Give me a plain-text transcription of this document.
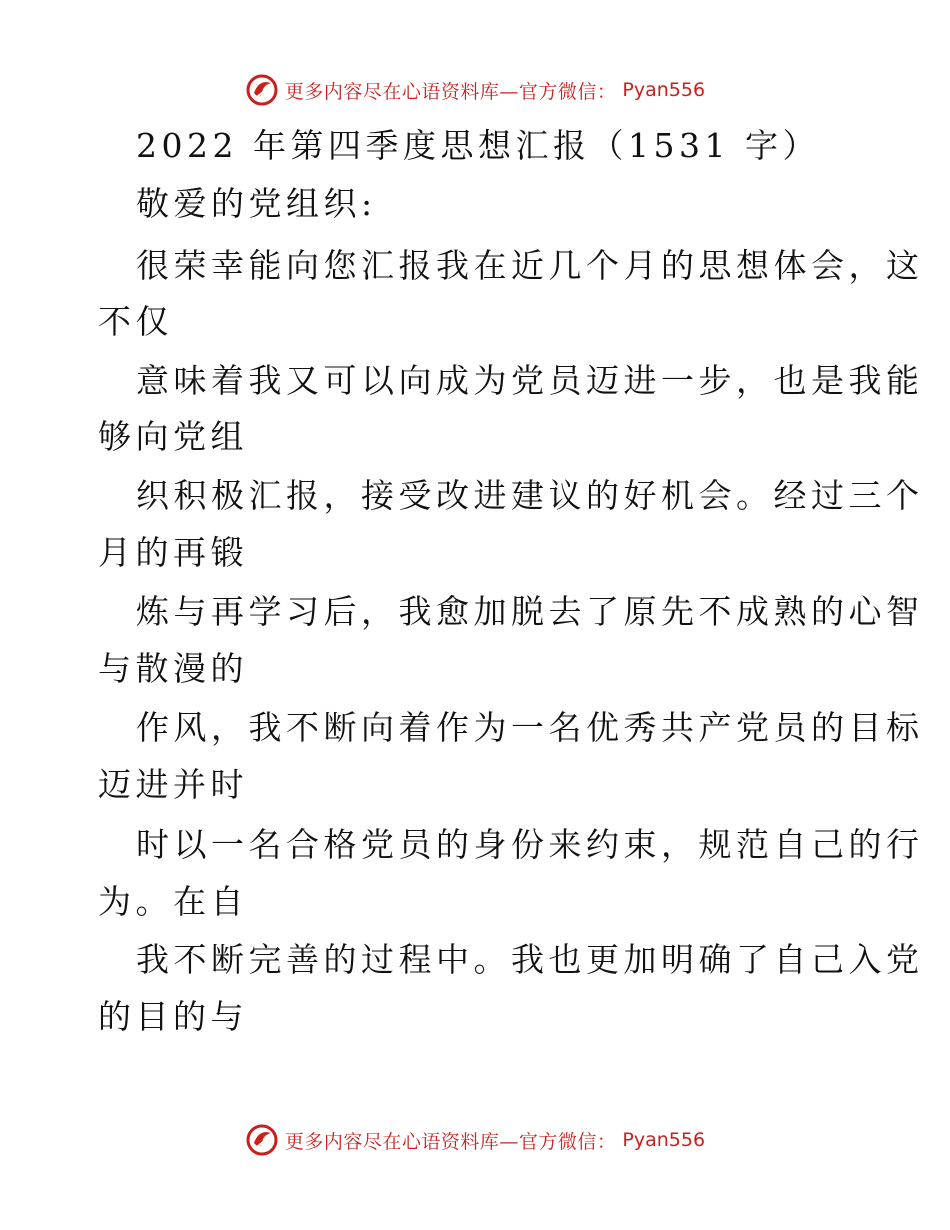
更多内容尽在心语资料库—官方微信： Pyan556
2022 年第四季度思想汇报（1531 字）
敬爱的党组织:
很荣幸能向您汇报我在近几个月的思想体会，这
不仅
意味着我又可以向成为党员迈进一步，也是我能
够向党组
织积极汇报，接受改进建议的好机会。经过三个
月的再锻
炼与再学习后，我愈加脱去了原先不成熟的心智
与散漫的
作风，我不断向着作为一名优秀共产党员的目标
迈进并时
时以一名合格党员的身份来约束，规范自己的行
为。在自
我不断完善的过程中。我也更加明确了自己入党
的目的与
更多内容尽在心语资料库—官方微信： Pyan556
